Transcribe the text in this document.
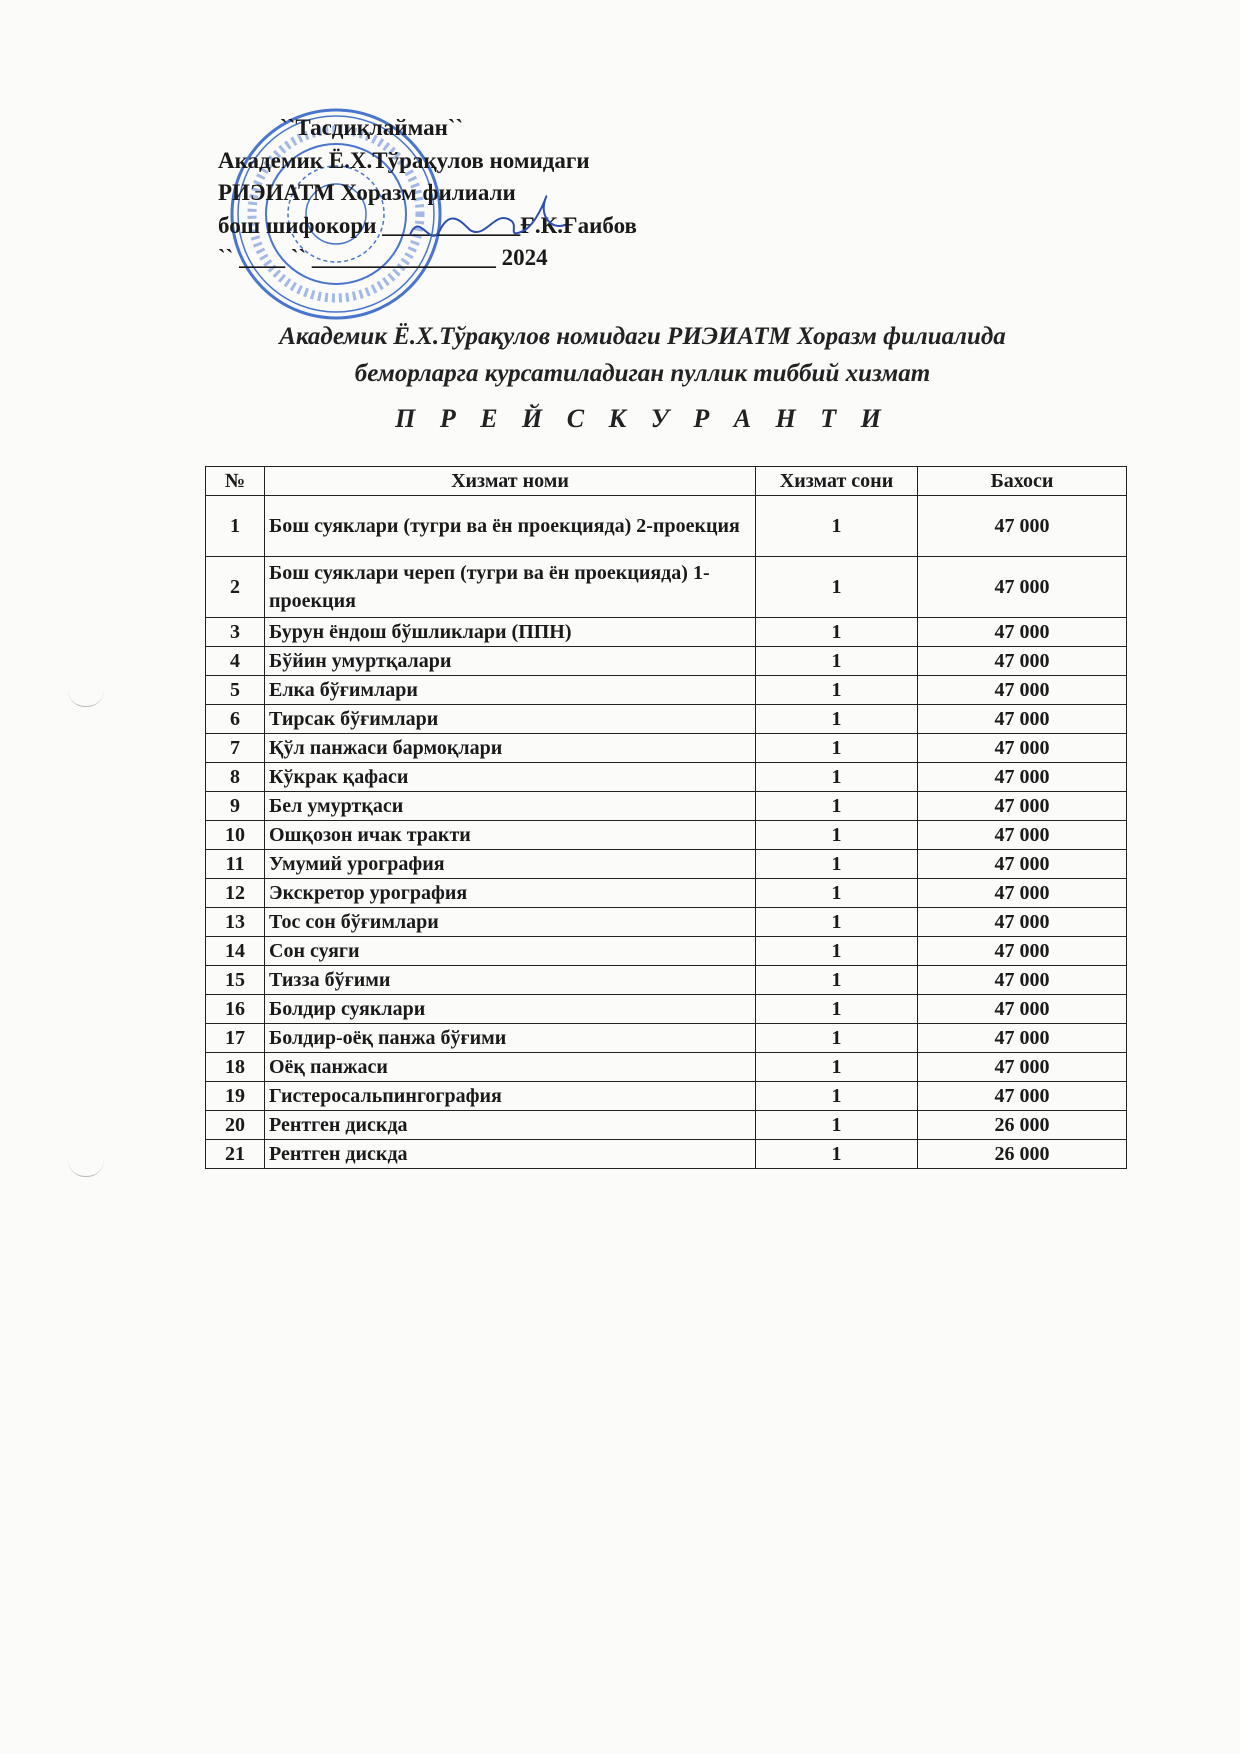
``Тасдиқлайман``
Академик Ё.Х.Тўрақулов номидаги
РИЭИАТМ Хоразм филиали
бош шифокори ____________Ғ.К.Ғаибов
`` ____ `` ________________ 2024
Академик Ё.Х.Тўрақулов номидаги РИЭИАТМ Хоразм филиалида
беморларга курсатиладиган пуллик тиббий хизмат
П Р Е Й С К У Р А Н Т И
№	Хизмат номи	Хизмат сони	Бахоси
1	Бош суяклари (тугри ва ён проекцияда) 2-проекция	1	47 000
2	Бош суяклари череп (тугри ва ён проекцияда) 1- проекция	1	47 000
3	Бурун ёндош бўшликлари (ППН)	1	47 000
4	Бўйин умуртқалари	1	47 000
5	Елка бўғимлари	1	47 000
6	Тирсак бўғимлари	1	47 000
7	Қўл панжаси бармоқлари	1	47 000
8	Кўкрак қафаси	1	47 000
9	Бел умуртқаси	1	47 000
10	Ошқозон ичак тракти	1	47 000
11	Умумий урография	1	47 000
12	Экскретор урография	1	47 000
13	Тос сон бўғимлари	1	47 000
14	Сон суяги	1	47 000
15	Тизза бўғими	1	47 000
16	Болдир суяклари	1	47 000
17	Болдир-оёқ панжа бўғими	1	47 000
18	Оёқ панжаси	1	47 000
19	Гистеросальпингография	1	47 000
20	Рентген дискда	1	26 000
21	Рентген дискда	1	26 000
